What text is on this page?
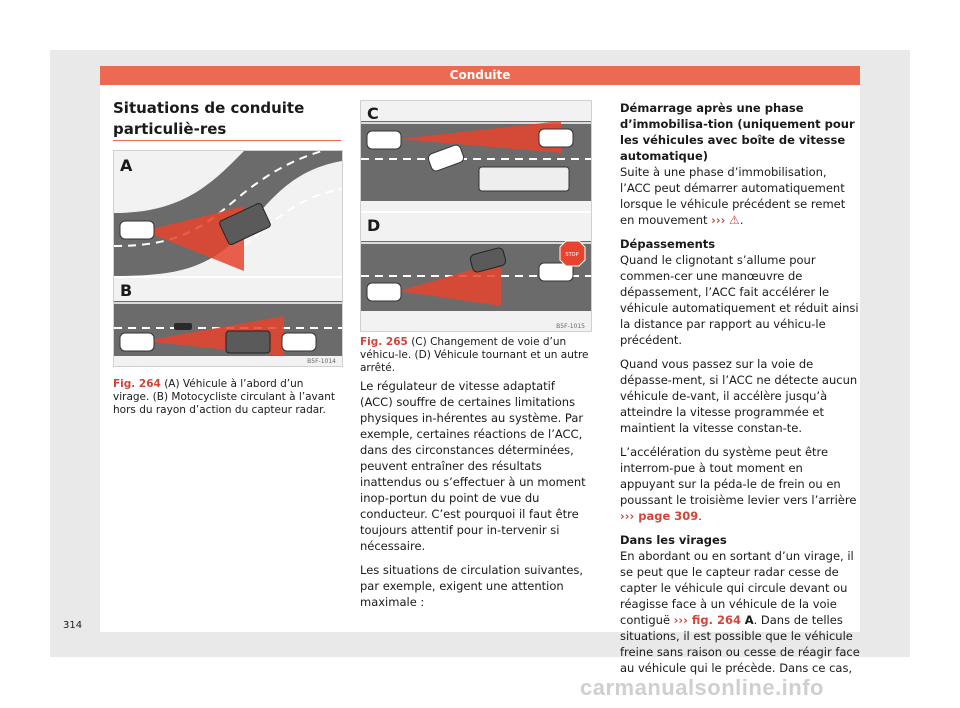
Conduite
Situations de conduite particuliè-res
A
B
B5F-1014
Fig. 264 (A) Véhicule à l’abord d’un virage. (B) Motocycliste circulant à l’avant hors du rayon d’action du capteur radar.
C
STOP
D
B5F-1015
Fig. 265 (C) Changement de voie d’un véhicu-le. (D) Véhicule tournant et un autre arrêté.

Le régulateur de vitesse adaptatif (ACC) souffre de certaines limitations physiques in-hérentes au système. Par exemple, certaines réactions de l’ACC, dans des circonstances déterminées, peuvent entraîner des résultats inattendus ou s’effectuer à un moment inop-portun du point de vue du conducteur. C’est pourquoi il faut être toujours attentif pour in-tervenir si nécessaire.

Les situations de circulation suivantes, par exemple, exigent une attention maximale :

Démarrage après une phase d’immobilisa-tion (uniquement pour les véhicules avec boîte de vitesse automatique)

Suite à une phase d’immobilisation, l’ACC peut démarrer automatiquement lorsque le véhicule précédent se remet en mouvement ››› ⚠.

Dépassements

Quand le clignotant s’allume pour commen-cer une manœuvre de dépassement, l’ACC fait accélérer le véhicule automatiquement et réduit ainsi la distance par rapport au véhicu-le précédent.

Quand vous passez sur la voie de dépasse-ment, si l’ACC ne détecte aucun véhicule de-vant, il accélère jusqu’à atteindre la vitesse programmée et maintient la vitesse constan-te.

L’accélération du système peut être interrom-pue à tout moment en appuyant sur la péda-le de frein ou en poussant le troisième levier vers l’arrière ››› page 309.

Dans les virages

En abordant ou en sortant d’un virage, il se peut que le capteur radar cesse de capter le véhicule qui circule devant ou réagisse face à un véhicule de la voie contiguë ››› fig. 264 A. Dans de telles situations, il est possible que le véhicule freine sans raison ou cesse de réagir face au véhicule qui le précède. Dans ce cas,

314
carmanualsonline.info
